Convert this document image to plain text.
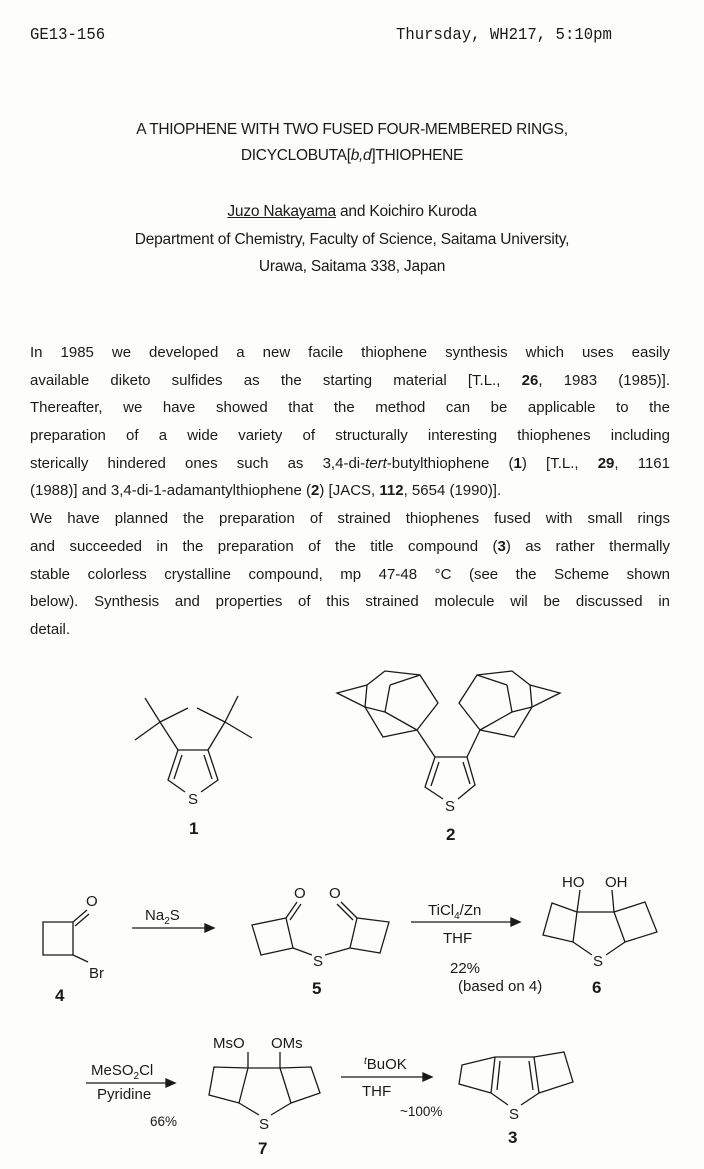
GE13-156	Thursday, WH217, 5:10pm
A THIOPHENE WITH TWO FUSED FOUR-MEMBERED RINGS,
DICYCLOBUTA[b,d]THIOPHENE
Juzo Nakayama and Koichiro Kuroda
Department of Chemistry, Faculty of Science, Saitama University,
Urawa, Saitama 338, Japan
In 1985 we developed a new facile thiophene synthesis which uses easily
available diketo sulfides as the starting material [T.L., 26, 1983 (1985)].
Thereafter, we have showed that the method can be applicable to the
preparation of a wide variety of structurally interesting thiophenes including
sterically hindered ones such as 3,4-di-tert-butylthiophene (1) [T.L., 29, 1161
(1988)] and 3,4-di-1-adamantylthiophene (2) [JACS, 112, 5654 (1990)].
We have planned the preparation of strained thiophenes fused with small rings
and succeeded in the preparation of the title compound (3) as rather thermally
stable colorless crystalline compound, mp 47-48 °C (see the Scheme shown
below). Synthesis and properties of this strained molecule wil be discussed in
detail.
S
1
S
2
O
Br
4
$Na_2S$
O O
S
5
TiCl$_4$/Zn
THF
22%
(based on 4)
HO OH
S
6
MeSO$_2$Cl
Pyridine
66%
MsO OMs
S
7
$^t$BuOK
THF
~100%	S
3
